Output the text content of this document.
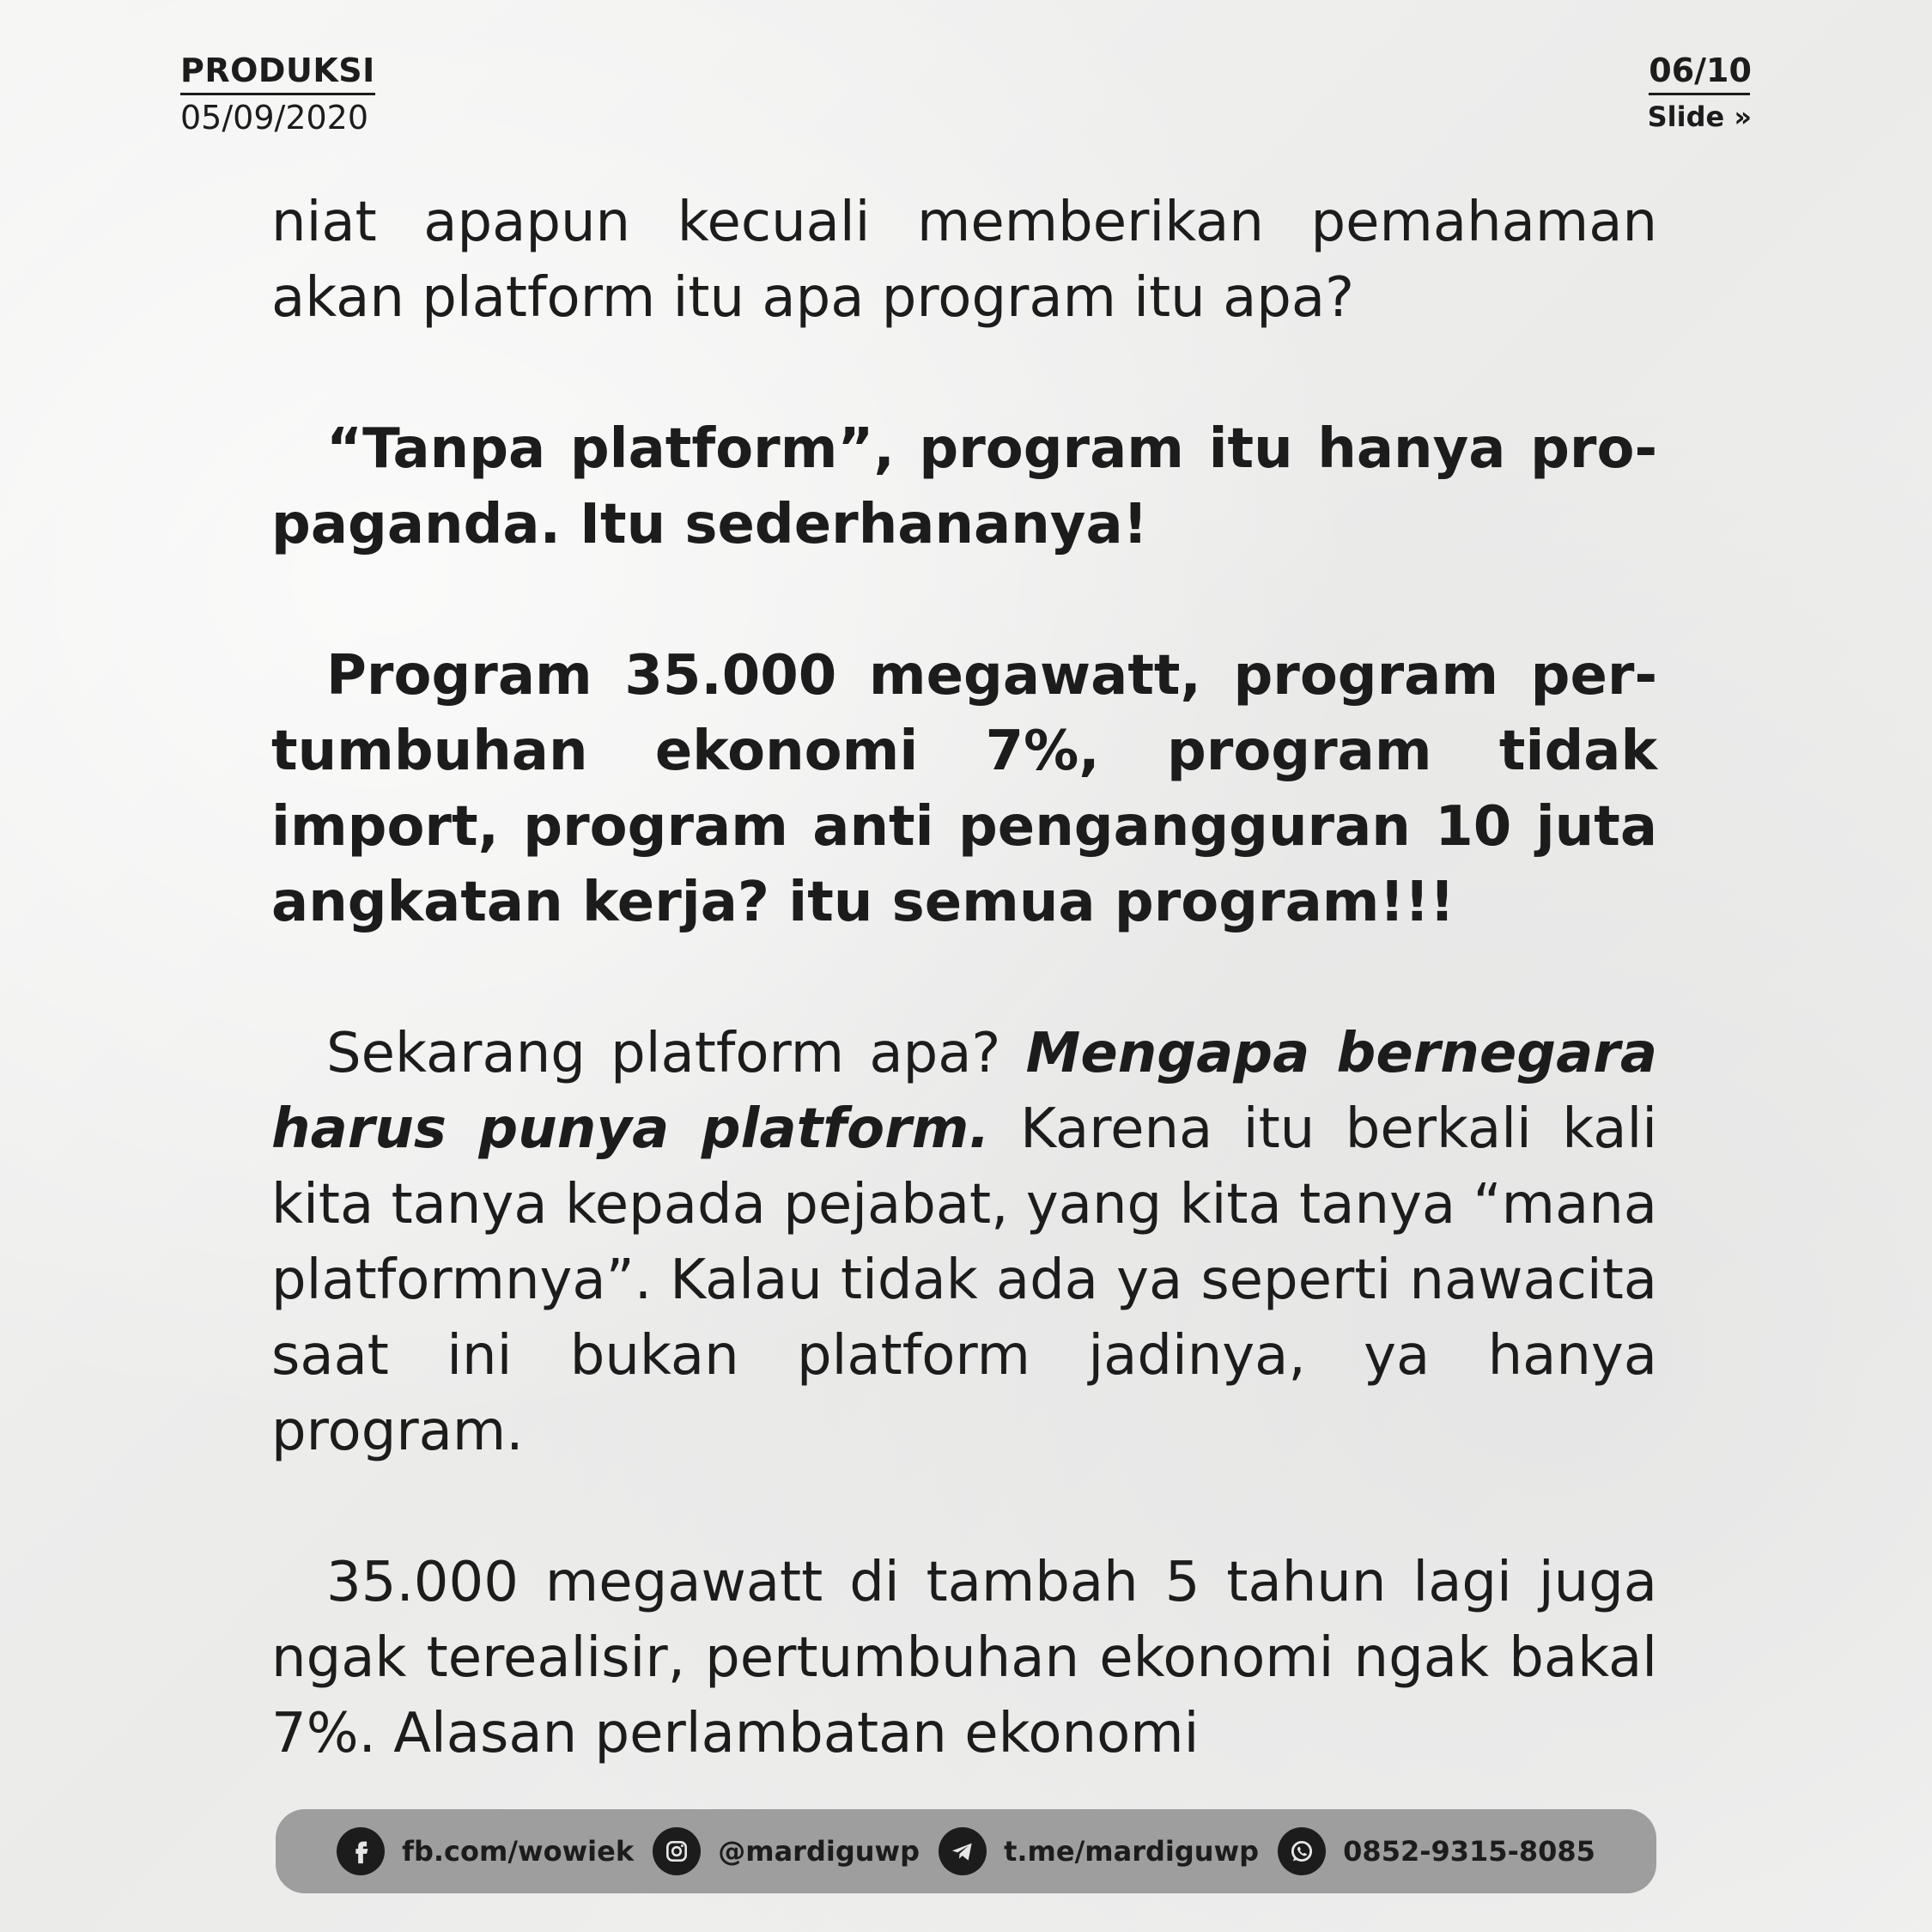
PRODUKSI
05/09/2020
06/10
Slide »

niat apapun kecuali memberikan pemahaman akan platform itu apa program itu apa?

“Tanpa platform”, program itu hanya propaganda. Itu sederhananya!

Program 35.000 megawatt, program pertumbuhan ekonomi 7%, program tidak import, program anti pengangguran 10 juta angkatan kerja? itu semua program!!!

Sekarang platform apa? Mengapa bernegara harus punya platform. Karena itu berkali kali kita tanya kepada pejabat, yang kita tanya “mana platformnya”. Kalau tidak ada ya seperti nawacita saat ini bukan platform jadinya, ya hanya program.

35.000 megawatt di tambah 5 tahun lagi juga ngak terealisir, pertumbuhan ekonomi ngak bakal 7%. Alasan perlambatan ekonomi

fb.com/wowiek	@mardiguwp	t.me/mardiguwp	0852-9315-8085
